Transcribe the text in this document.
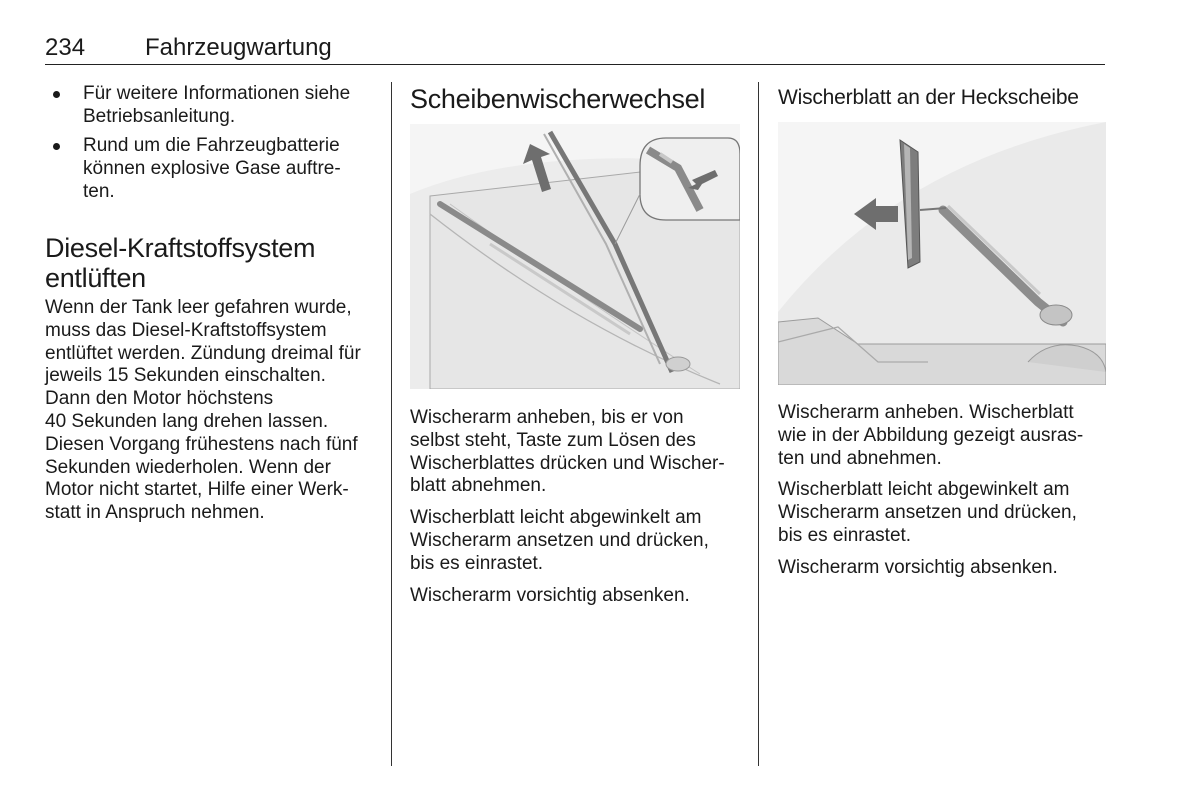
234 Fahrzeugwartung
Für weitere Informationen siehe
Betriebsanleitung.
Rund um die Fahrzeugbatterie
können explosive Gase auftre-
ten.
Diesel-Kraftstoffsystem
entlüften

Wenn der Tank leer gefahren wurde,
muss das Diesel-Kraftstoffsystem
entlüftet werden. Zündung dreimal für
jeweils 15 Sekunden einschalten.
Dann den Motor höchstens
40 Sekunden lang drehen lassen.
Diesen Vorgang frühestens nach fünf
Sekunden wiederholen. Wenn der
Motor nicht startet, Hilfe einer Werk-
statt in Anspruch nehmen.

Scheibenwischerwechsel

Wischerarm anheben, bis er von
selbst steht, Taste zum Lösen des
Wischerblattes drücken und Wischer-
blatt abnehmen.

Wischerblatt leicht abgewinkelt am
Wischerarm ansetzen und drücken,
bis es einrastet.

Wischerarm vorsichtig absenken.

Wischerblatt an der Heckscheibe

Wischerarm anheben. Wischerblatt
wie in der Abbildung gezeigt ausras-
ten und abnehmen.

Wischerblatt leicht abgewinkelt am
Wischerarm ansetzen und drücken,
bis es einrastet.

Wischerarm vorsichtig absenken.
